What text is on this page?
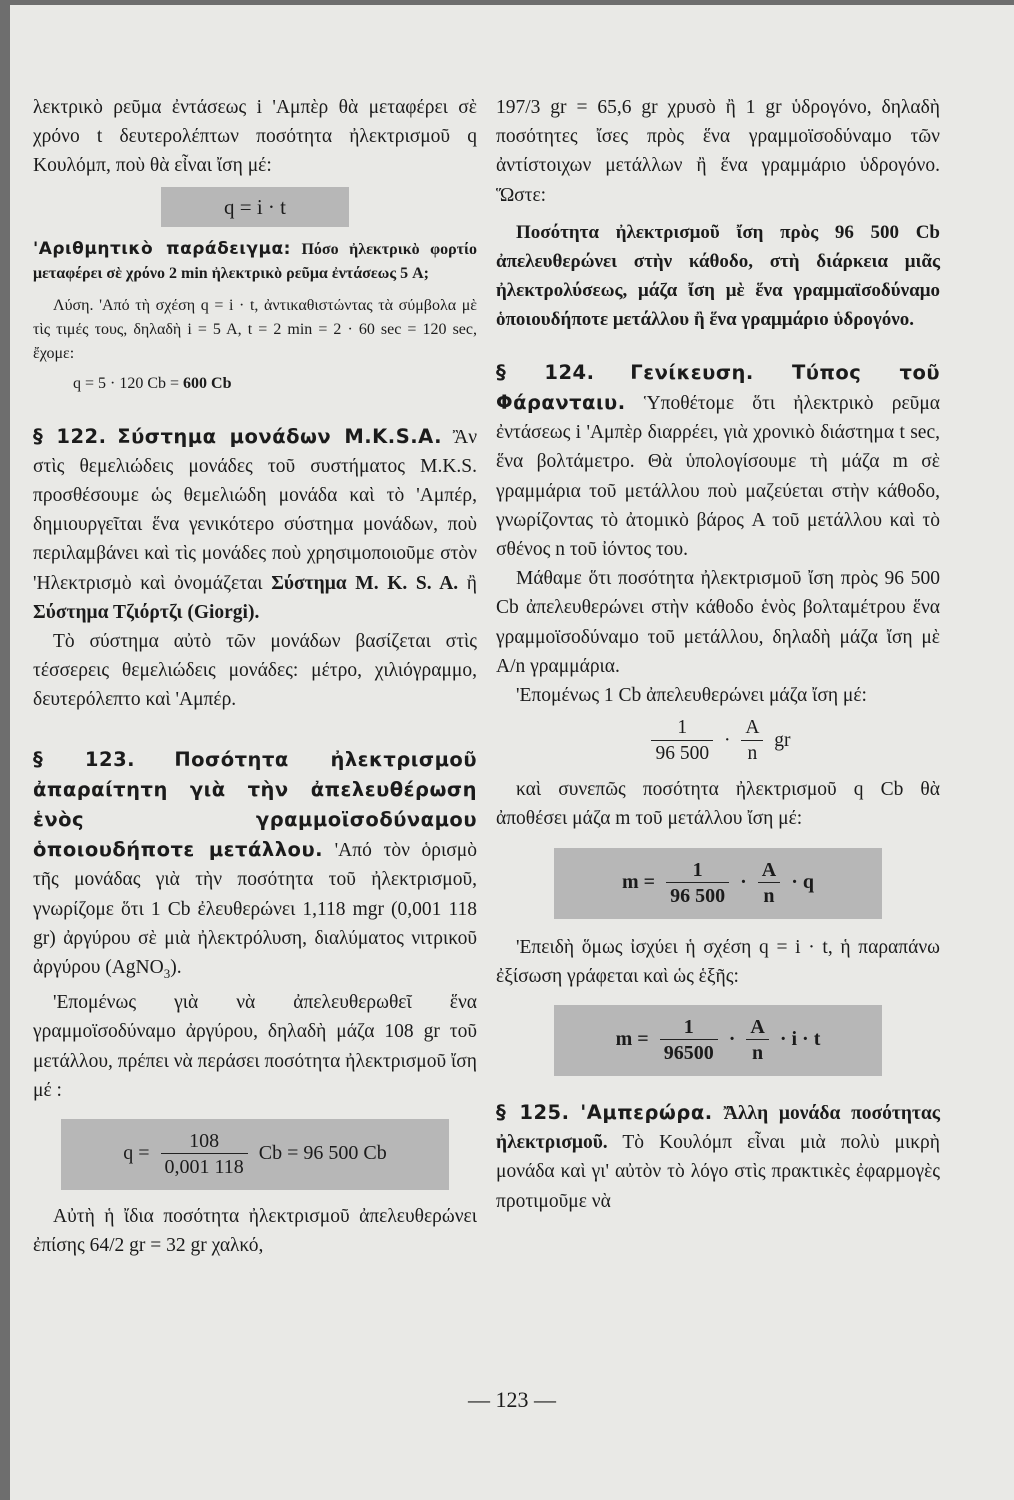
λεκτρικὸ ρεῦμα ἐντάσεως i 'Αμπὲρ θὰ μεταφέρει σὲ χρόνο t δευτερολέπτων ποσότητα ἠλεκτρισμοῦ q Κουλόμπ, ποὺ θὰ εἶναι ἴση μέ:

q = i · t

'Αριθμητικὸ παράδειγμα: Πόσο ἠλεκτρικὸ φορτίο μεταφέρει σὲ χρόνο 2 min ἠλεκτρικὸ ρεῦμα ἐντάσεως 5 A;

Λύση. 'Από τὴ σχέση q = i · t, ἀντικαθιστώντας τὰ σύμβολα μὲ τὶς τιμές τους, δηλαδὴ i = 5 A, t = 2 min = 2 · 60 sec = 120 sec, ἔχομε:

q = 5 · 120 Cb = 600 Cb

§ 122. Σύστημα μονάδων M.K.S.A. Ἂν στὶς θεμελιώδεις μονάδες τοῦ συστήματος M.K.S. προσθέσουμε ὡς θεμελιώδη μονάδα καὶ τὸ 'Αμπέρ, δημιουργεῖται ἕνα γενικότερο σύστημα μονάδων, ποὺ περιλαμβάνει καὶ τὶς μονάδες ποὺ χρησιμοποιοῦμε στὸν 'Ηλεκτρισμὸ καὶ ὀνομάζεται Σύστημα M. K. S. A. ἢ Σύστημα Τζιόρτζι (Giorgi).

Τὸ σύστημα αὐτὸ τῶν μονάδων βασίζεται στὶς τέσσερεις θεμελιώδεις μονάδες: μέτρο, χιλιόγραμμο, δευτερόλεπτο καὶ 'Αμπέρ.

§ 123. Ποσότητα ἠλεκτρισμοῦ ἀπαραίτητη γιὰ τὴν ἀπελευθέρωση ἑνὸς γραμμοϊσοδύναμου ὁποιουδήποτε μετάλλου. 'Από τὸν ὁρισμὸ τῆς μονάδας γιὰ τὴν ποσότητα τοῦ ἠλεκτρισμοῦ, γνωρίζομε ὅτι 1 Cb ἐλευθερώνει 1,118 mgr (0,001 118 gr) ἀργύρου σὲ μιὰ ἠλεκτρόλυση, διαλύματος νιτρικοῦ ἀργύρου (AgNO$_3$).

'Επομένως γιὰ νὰ ἀπελευθερωθεῖ ἕνα γραμμοϊσοδύναμο ἀργύρου, δηλαδὴ μάζα 108 gr τοῦ μετάλλου, πρέπει νὰ περάσει ποσότητα ἠλεκτρισμοῦ ἴση μέ :

$q = \frac{108}{0,001 118}$ Cb = 96 500 Cb

Αὐτὴ ἡ ἴδια ποσότητα ἠλεκτρισμοῦ ἀπελευθερώνει ἐπίσης 64/2 gr = 32 gr χαλκό,

197/3 gr = 65,6 gr χρυσὸ ἢ 1 gr ὑδρογόνο, δηλαδὴ ποσότητες ἴσες πρὸς ἕνα γραμμοϊσοδύναμο τῶν ἀντίστοιχων μετάλλων ἢ ἕνα γραμμάριο ὑδρογόνο. Ὥστε:

Ποσότητα ἠλεκτρισμοῦ ἴση πρὸς 96 500 Cb ἀπελευθερώνει στὴν κάθοδο, στὴ διάρκεια μιᾶς ἠλεκτρολύσεως, μάζα ἴση μὲ ἕνα γραμμαϊσοδύναμο ὁποιουδήποτε μετάλλου ἢ ἕνα γραμμάριο ὑδρογόνο.

§ 124. Γενίκευση. Τύπος τοῦ Φάρανταιυ. Ὑποθέτομε ὅτι ἠλεκτρικὸ ρεῦμα ἐντάσεως i 'Αμπὲρ διαρρέει, γιὰ χρονικὸ διάστημα t sec, ἕνα βολτάμετρο. Θὰ ὑπολογίσουμε τὴ μάζα m σὲ γραμμάρια τοῦ μετάλλου ποὺ μαζεύεται στὴν κάθοδο, γνωρίζοντας τὸ ἀτομικὸ βάρος A τοῦ μετάλλου καὶ τὸ σθένος n τοῦ ἰόντος του.

Μάθαμε ὅτι ποσότητα ἠλεκτρισμοῦ ἴση πρὸς 96 500 Cb ἀπελευθερώνει στὴν κάθοδο ἑνὸς βολταμέτρου ἕνα γραμμοϊσοδύναμο τοῦ μετάλλου, δηλαδὴ μάζα ἴση μὲ A/n γραμμάρια.

'Επομένως 1 Cb ἀπελευθερώνει μάζα ἴση μέ:

$\frac{1}{96 500} \cdot \frac{A}{n}$ gr

καὶ συνεπῶς ποσότητα ἠλεκτρισμοῦ q Cb θὰ ἀποθέσει μάζα m τοῦ μετάλλου ἴση μέ:

$m = \frac{1}{96 500} \cdot \frac{A}{n} \cdot q$

'Επειδὴ ὅμως ἰσχύει ἡ σχέση q = i · t, ἡ παραπάνω ἐξίσωση γράφεται καὶ ὡς ἑξῆς:

$m = \frac{1}{96500} \cdot \frac{A}{n} \cdot i \cdot t$

§ 125. 'Αμπερώρα. Ἄλλη μονάδα ποσότητας ἠλεκτρισμοῦ. Τὸ Κουλόμπ εἶναι μιὰ πολὺ μικρὴ μονάδα καὶ γι' αὐτὸν τὸ λόγο στὶς πρακτικὲς ἐφαρμογὲς προτιμοῦμε νὰ

— 123 —
